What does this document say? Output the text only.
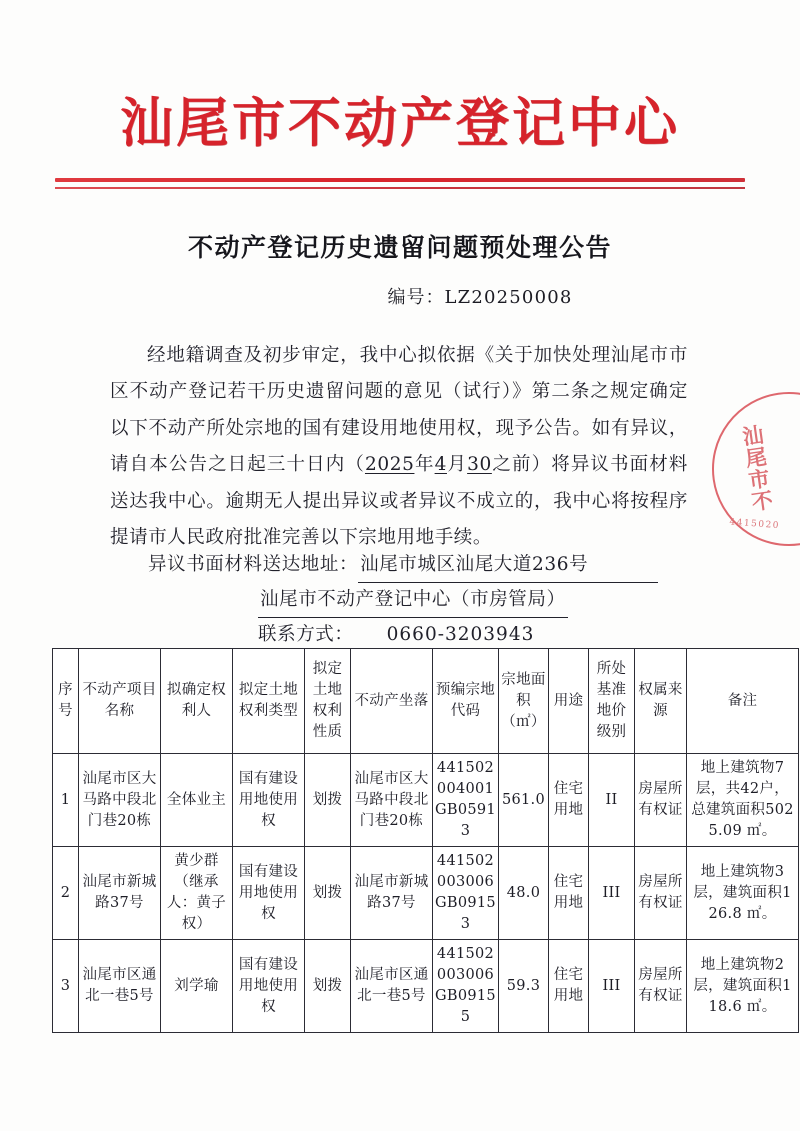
汕尾市不动产登记中心
不动产登记历史遗留问题预处理公告
编号：LZ20250008
汕尾市不
4415020

经地籍调查及初步审定，我中心拟依据《关于加快处理汕尾市市区不动产登记若干历史遗留问题的意见（试行）》第二条之规定确定以下不动产所处宗地的国有建设用地使用权，现予公告。如有异议，请自本公告之日起三十日内（2025年4月30之前）将异议书面材料送达我中心。逾期无人提出异议或者异议不成立的，我中心将按程序提请市人民政府批准完善以下宗地用地手续。

异议书面材料送达地址： 汕尾市城区汕尾大道236号
汕尾市不动产登记中心（市房管局）
联系方式：	0660-3203943
序号	不动产项目名称	拟确定权利人	拟定土地权利类型	拟定土地权利性质	不动产坐落	预编宗地代码	宗地面积（㎡）	用途	所处基准地价级别	权属来源	备注
1	汕尾市区大马路中段北门巷20栋	全体业主	国有建设用地使用权	划拨	汕尾市区大马路中段北门巷20栋	441502004001GB05913	561.0	住宅用地	II	房屋所有权证	地上建筑物7层，共42户，总建筑面积5025.09 ㎡。
2	汕尾市新城路37号	黄少群（继承人：黄子权）	国有建设用地使用权	划拨	汕尾市新城路37号	441502003006GB09153	48.0	住宅用地	III	房屋所有权证	地上建筑物3层，建筑面积126.8 ㎡。
3	汕尾市区通北一巷5号	刘学瑜	国有建设用地使用权	划拨	汕尾市区通北一巷5号	441502003006GB09155	59.3	住宅用地	III	房屋所有权证	地上建筑物2层，建筑面积118.6 ㎡。
